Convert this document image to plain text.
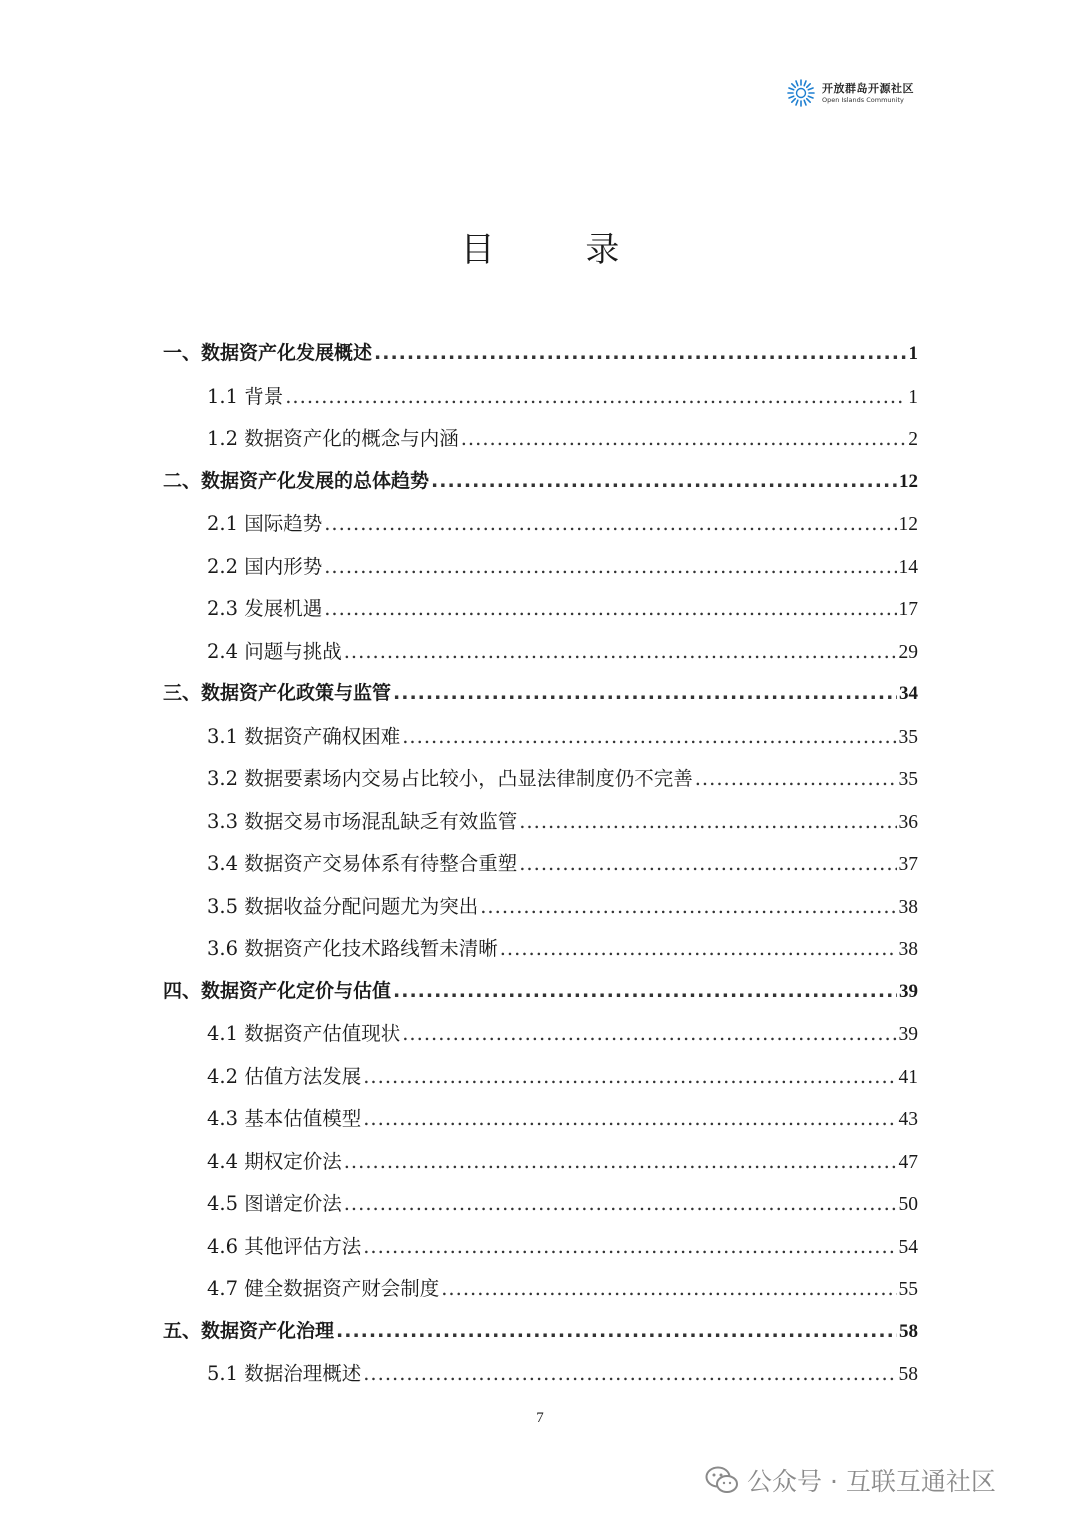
开放群岛开源社区
Open Islands Community
目 录
一、数据资产化发展概述 .....	1
1.1 背景 .....	1
1.2 数据资产化的概念与内涵 .....	2
二、数据资产化发展的总体趋势 .....	12
2.1 国际趋势 .....	12
2.2 国内形势 .....	14
2.3 发展机遇 .....	17
2.4 问题与挑战 .....	29
三、数据资产化政策与监管 .....	34
3.1 数据资产确权困难 .....	35
3.2 数据要素场内交易占比较小，凸显法律制度仍不完善 .....	35
3.3 数据交易市场混乱缺乏有效监管 .....	36
3.4 数据资产交易体系有待整合重塑 .....	37
3.5 数据收益分配问题尤为突出 .....	38
3.6 数据资产化技术路线暂未清晰 .....	38
四、数据资产化定价与估值 .....	39
4.1 数据资产估值现状 .....	39
4.2 估值方法发展 .....	41
4.3 基本估值模型 .....	43
4.4 期权定价法 .....	47
4.5 图谱定价法 .....	50
4.6 其他评估方法 .....	54
4.7 健全数据资产财会制度 .....	55
五、数据资产化治理 .....	58
5.1 数据治理概述 .....	58
7
公众号 · 互联互通社区
